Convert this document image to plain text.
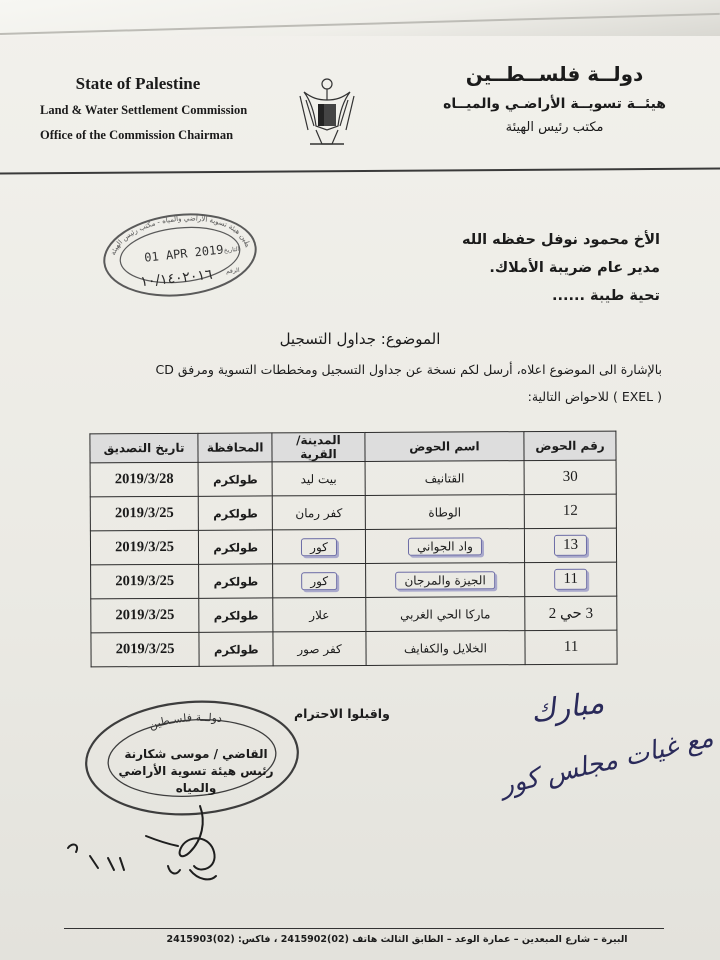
State of Palestine
Land & Water Settlement Commission
Office of the Commission Chairman
دولــة فلســطــين
هيئــة تسويــة الأراضـي والميــاه
مكتب رئيس الهيئة
فلسطين هيئة تسوية الأراضي والمياه - مكتب رئيس الهيئة
01 APR 2019 التاريخ
الرقم
١٠/١٤٠٢٠١٦
الأخ محمود نوفل حفظه الله
مدير عام ضريبة الأملاك.
تحية طيبة ......
الموضوع: جداول التسجيل
بالإشارة الى الموضوع اعلاه، أرسل لكم نسخة عن جداول التسجيل ومخططات التسوية ومرفق CD
( EXEL ) للاحواض التالية:
رقم الحوض	اسم الحوض	المدينة/ القرية	المحافظة	تاريخ التصديق
30	القتانيف	بيت ليد	طولكرم	2019/3/28
12	الوطاة	كفر رمان	طولكرم	2019/3/25
13	واد الجواني	كور	طولكرم	2019/3/25
11	الجيزة والمرجان	كور	طولكرم	2019/3/25
3 حي 2	ماركا الحي الغربي	علار	طولكرم	2019/3/25
11	الخلايل والكفايف	كفر صور	طولكرم	2019/3/25
واقبلوا الاحترام
دولــة فلسـطين
القاضي / موسى شكارنة
رئيس هيئة تسوية الأراضي والمياه
مبارك
مع غيات مجلس كور
البيرة – شارع المبعدين – عمارة الوعد – الطابق الثالث هاتف (02)2415902 ، فاكس: (02)2415903
